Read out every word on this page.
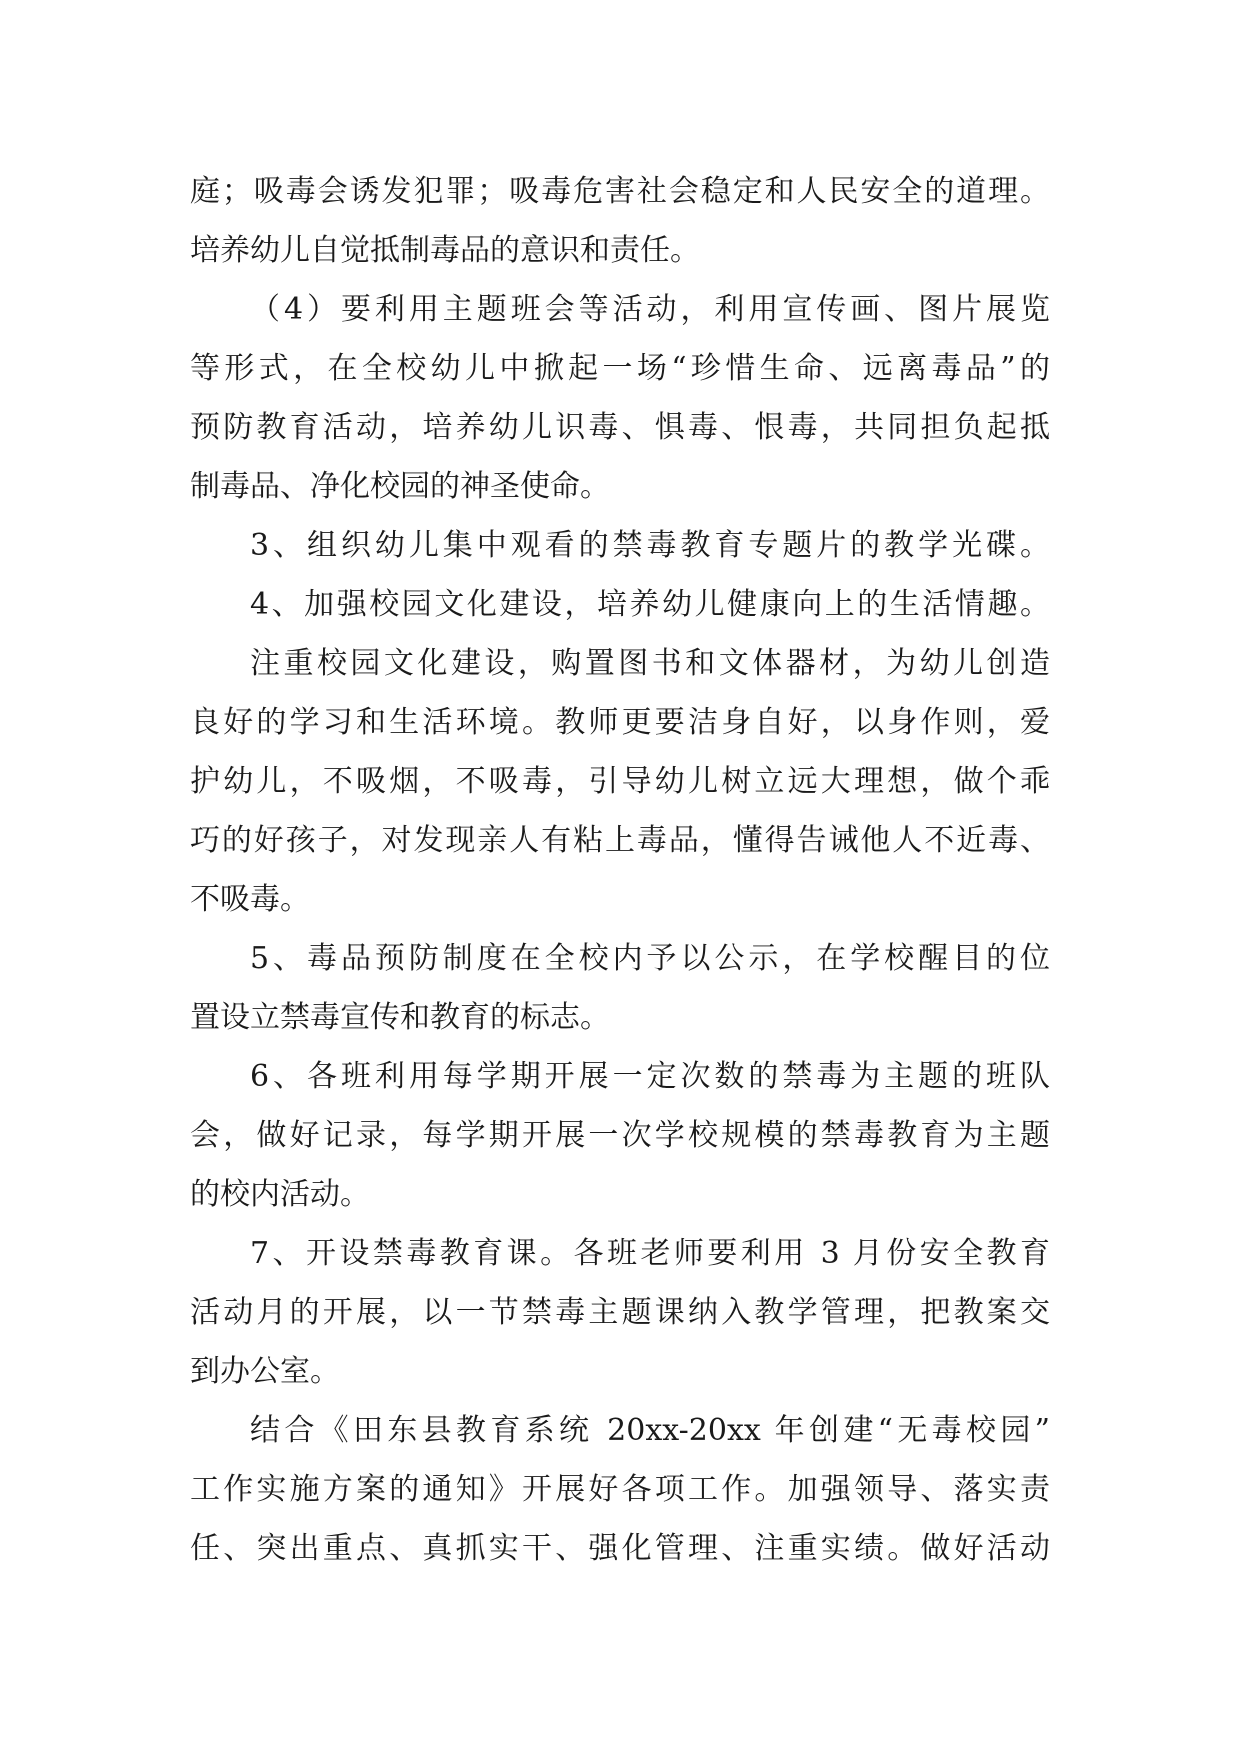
庭；吸毒会诱发犯罪；吸毒危害社会稳定和人民安全的道理。
培养幼儿自觉抵制毒品的意识和责任。
（4）要利用主题班会等活动，利用宣传画、图片展览
等形式，在全校幼儿中掀起一场“珍惜生命、远离毒品”的
预防教育活动，培养幼儿识毒、惧毒、恨毒，共同担负起抵
制毒品、净化校园的神圣使命。
3、组织幼儿集中观看的禁毒教育专题片的教学光碟。
4、加强校园文化建设，培养幼儿健康向上的生活情趣。
注重校园文化建设，购置图书和文体器材，为幼儿创造
良好的学习和生活环境。教师更要洁身自好，以身作则，爱
护幼儿，不吸烟，不吸毒，引导幼儿树立远大理想，做个乖
巧的好孩子，对发现亲人有粘上毒品，懂得告诫他人不近毒、
不吸毒。
5、毒品预防制度在全校内予以公示，在学校醒目的位
置设立禁毒宣传和教育的标志。
6、各班利用每学期开展一定次数的禁毒为主题的班队
会，做好记录，每学期开展一次学校规模的禁毒教育为主题
的校内活动。
7、开设禁毒教育课。各班老师要利用 3 月份安全教育
活动月的开展，以一节禁毒主题课纳入教学管理，把教案交
到办公室。
结合《田东县教育系统 20xx-20xx 年创建“无毒校园”
工作实施方案的通知》开展好各项工作。加强领导、落实责
任、突出重点、真抓实干、强化管理、注重实绩。做好活动
